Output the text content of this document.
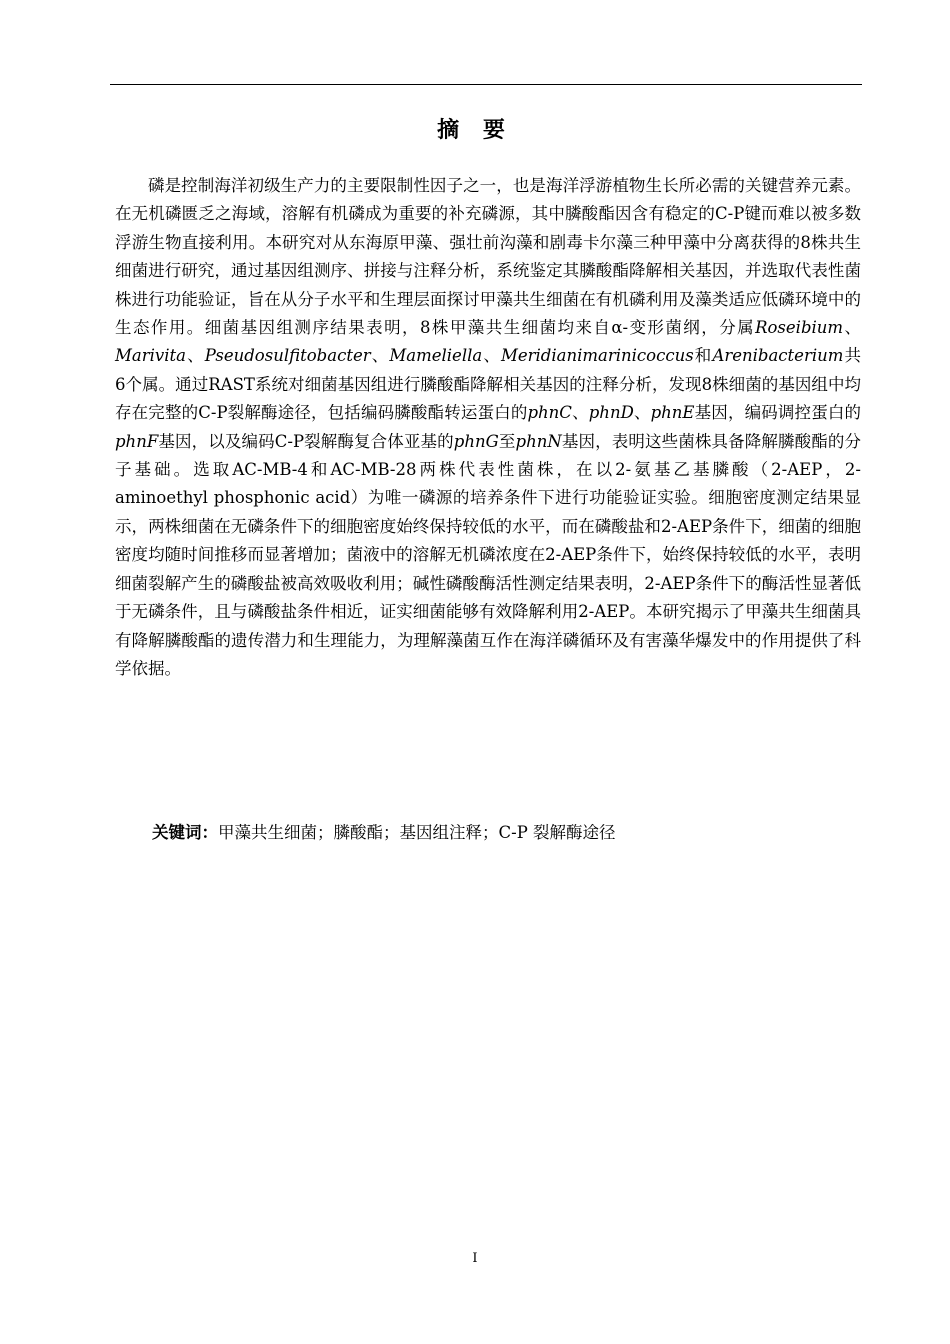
摘 要

磷是控制海洋初级生产力的主要限制性因子之一，也是海洋浮游植物生长所必需的关键营养元素。在无机磷匮乏之海域，溶解有机磷成为重要的补充磷源，其中膦酸酯因含有稳定的C-P键而难以被多数浮游生物直接利用。本研究对从东海原甲藻、强壮前沟藻和剧毒卡尔藻三种甲藻中分离获得的8株共生细菌进行研究，通过基因组测序、拼接与注释分析，系统鉴定其膦酸酯降解相关基因，并选取代表性菌株进行功能验证，旨在从分子水平和生理层面探讨甲藻共生细菌在有机磷利用及藻类适应低磷环境中的生态作用。细菌基因组测序结果表明，8株甲藻共生细菌均来自α-变形菌纲，分属Roseibium、Marivita、Pseudosulfitobacter、Mameliella、Meridianimarinicoccus和Arenibacterium共6个属。通过RAST系统对细菌基因组进行膦酸酯降解相关基因的注释分析，发现8株细菌的基因组中均存在完整的C-P裂解酶途径，包括编码膦酸酯转运蛋白的phnC、phnD、phnE基因，编码调控蛋白的phnF基因，以及编码C-P裂解酶复合体亚基的phnG至phnN基因，表明这些菌株具备降解膦酸酯的分子基础。选取AC-MB-4和AC-MB-28两株代表性菌株，在以2-氨基乙基膦酸（2-AEP，2-aminoethyl phosphonic acid）为唯一磷源的培养条件下进行功能验证实验。细胞密度测定结果显示，两株细菌在无磷条件下的细胞密度始终保持较低的水平，而在磷酸盐和2-AEP条件下，细菌的细胞密度均随时间推移而显著增加；菌液中的溶解无机磷浓度在2-AEP条件下，始终保持较低的水平，表明细菌裂解产生的磷酸盐被高效吸收利用；碱性磷酸酶活性测定结果表明，2-AEP条件下的酶活性显著低于无磷条件，且与磷酸盐条件相近，证实细菌能够有效降解利用2-AEP。本研究揭示了甲藻共生细菌具有降解膦酸酯的遗传潜力和生理能力，为理解藻菌互作在海洋磷循环及有害藻华爆发中的作用提供了科学依据。

关键词：甲藻共生细菌；膦酸酯；基因组注释；C-P 裂解酶途径

I
